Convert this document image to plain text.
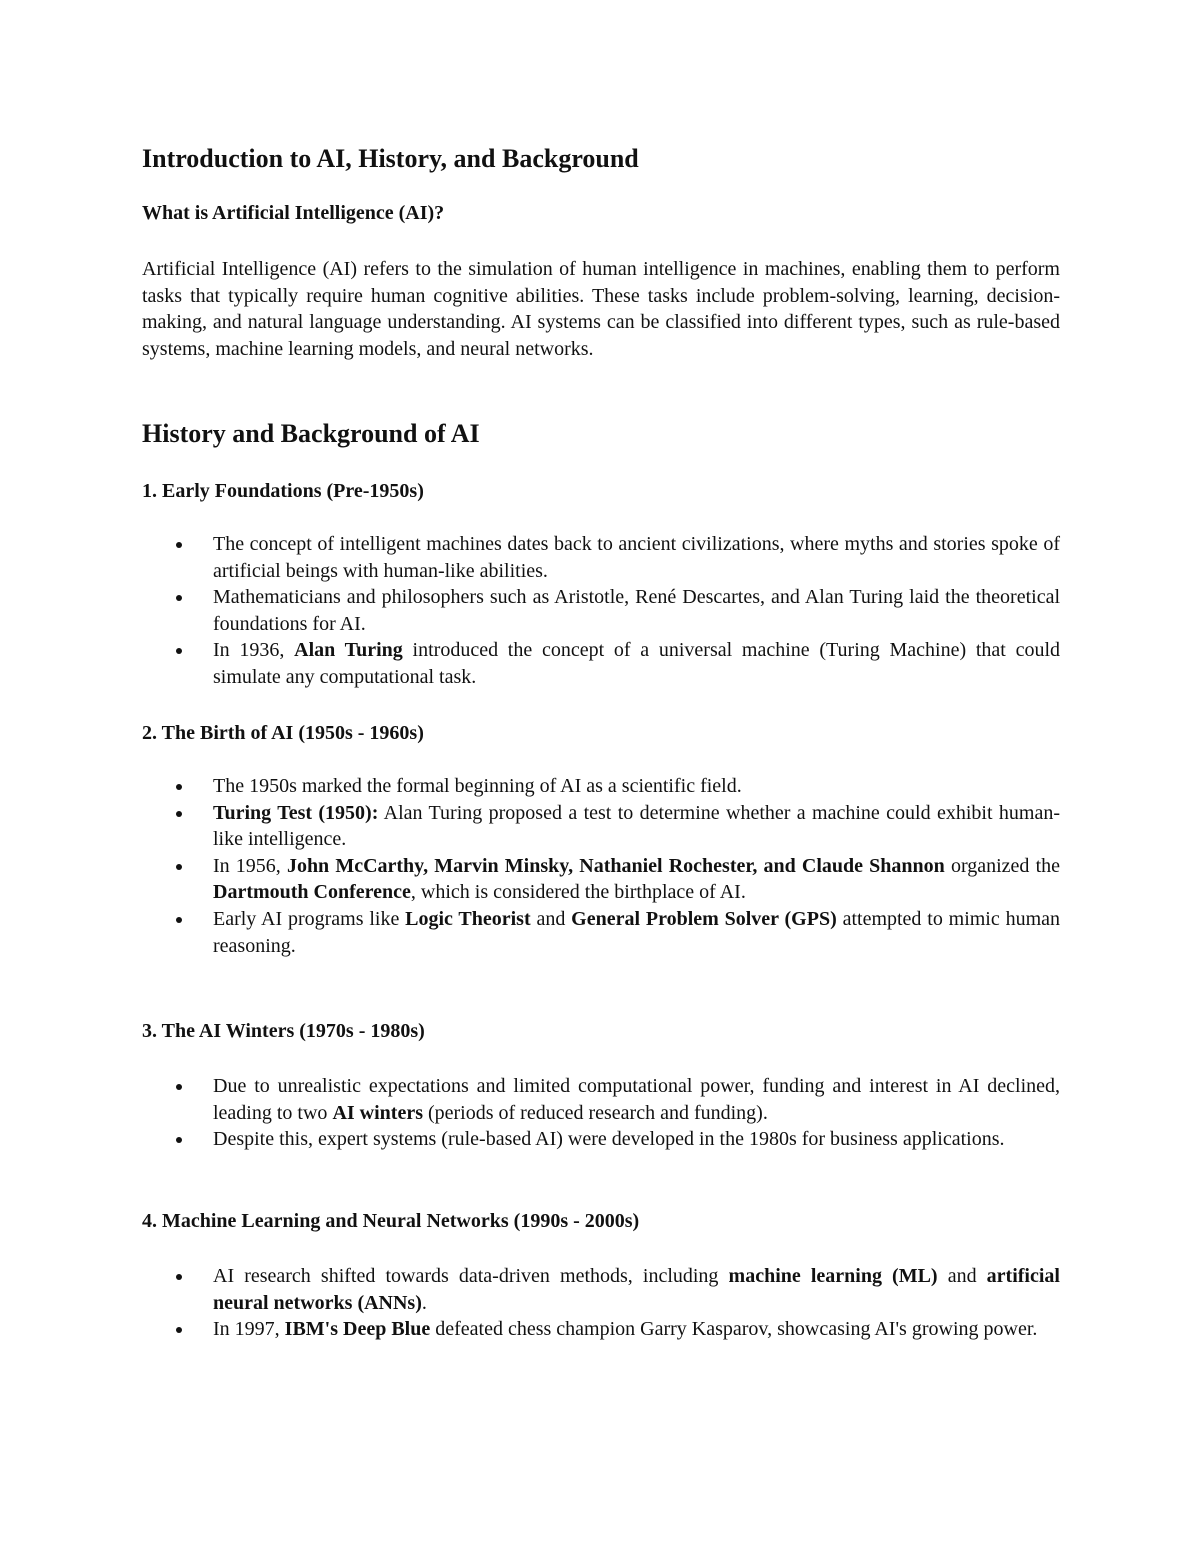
Introduction to AI, History, and Background
What is Artificial Intelligence (AI)?

Artificial Intelligence (AI) refers to the simulation of human intelligence in machines, enabling them to perform tasks that typically require human cognitive abilities. These tasks include problem-solving, learning, decision-making, and natural language understanding. AI systems can be classified into different types, such as rule-based systems, machine learning models, and neural networks.

History and Background of AI
1. Early Foundations (Pre-1950s)
The concept of intelligent machines dates back to ancient civilizations, where myths and stories spoke of artificial beings with human-like abilities.
Mathematicians and philosophers such as Aristotle, René Descartes, and Alan Turing laid the theoretical foundations for AI.
In 1936, Alan Turing introduced the concept of a universal machine (Turing Machine) that could simulate any computational task.
2. The Birth of AI (1950s - 1960s)
The 1950s marked the formal beginning of AI as a scientific field.
Turing Test (1950): Alan Turing proposed a test to determine whether a machine could exhibit human-like intelligence.
In 1956, John McCarthy, Marvin Minsky, Nathaniel Rochester, and Claude Shannon organized the Dartmouth Conference, which is considered the birthplace of AI.
Early AI programs like Logic Theorist and General Problem Solver (GPS) attempted to mimic human reasoning.
3. The AI Winters (1970s - 1980s)
Due to unrealistic expectations and limited computational power, funding and interest in AI declined, leading to two AI winters (periods of reduced research and funding).
Despite this, expert systems (rule-based AI) were developed in the 1980s for business applications.
4. Machine Learning and Neural Networks (1990s - 2000s)
AI research shifted towards data-driven methods, including machine learning (ML) and artificial neural networks (ANNs).
In 1997, IBM's Deep Blue defeated chess champion Garry Kasparov, showcasing AI's growing power.
